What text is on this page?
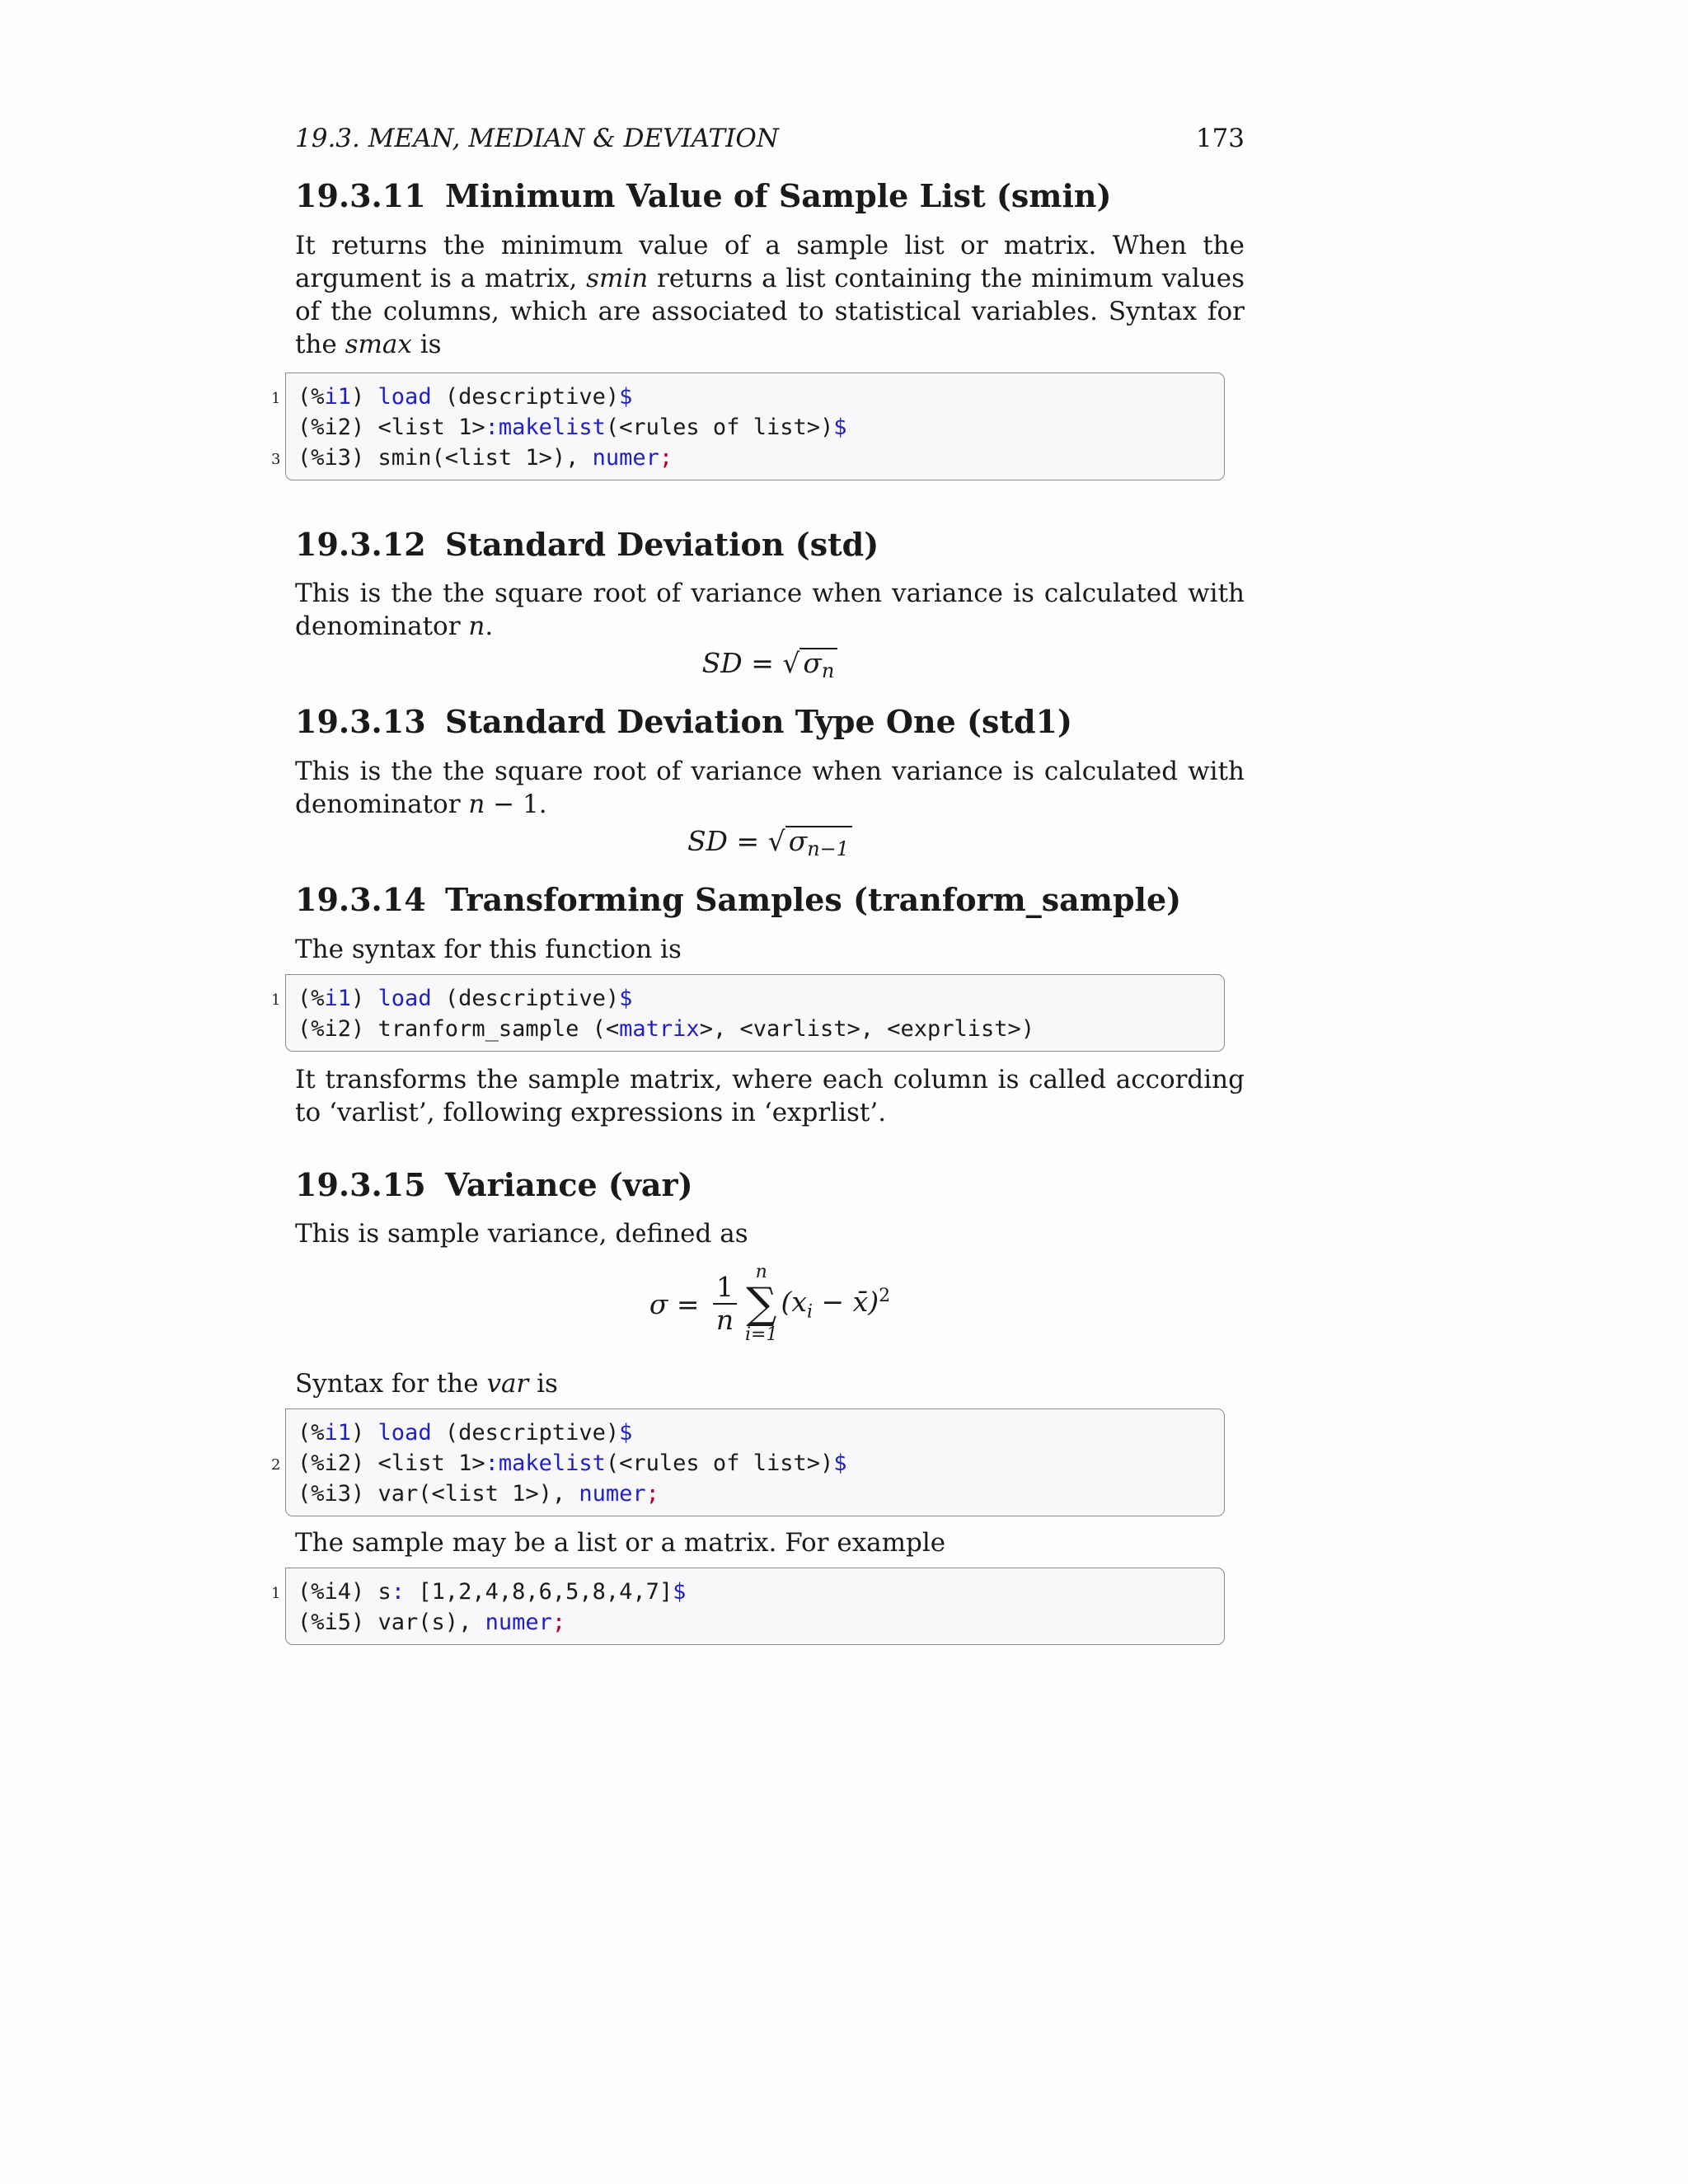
19.3. MEAN, MEDIAN & DEVIATION	173
19.3.11 Minimum Value of Sample List (smin)

It returns the minimum value of a sample list or matrix. When the argument is a matrix, smin returns a list containing the minimum values of the columns, which are associated to statistical variables. Syntax for the smax is

1 (%i1) load (descriptive)$
(%i2) <list 1>:makelist(<rules of list>)$
3 (%i3) smin(<list 1>), numer;
19.3.12 Standard Deviation (std)

This is the the square root of variance when variance is calculated with denominator n.

SD = √ $\sigma_n$
19.3.13 Standard Deviation Type One (std1)

This is the the square root of variance when variance is calculated with denominator n − 1.

SD = √ $\sigma_{n-1}$
19.3.14 Transforming Samples (tranform_sample)

The syntax for this function is

1 (%i1) load (descriptive)$
(%i2) tranform_sample (<matrix>, <varlist>, <exprlist>)

It transforms the sample matrix, where each column is called according to ‘varlist’, following expressions in ‘exprlist’.

19.3.15 Variance (var)

This is sample variance, defined as

$\sigma = \frac{1}{n}$ n
∑
i=1
($x_i$ − x̄)$^2$

Syntax for the var is

(%i1) load (descriptive)$
2 (%i2) <list 1>:makelist(<rules of list>)$
(%i3) var(<list 1>), numer;

The sample may be a list or a matrix. For example

1 (%i4) s: [1,2,4,8,6,5,8,4,7]$
(%i5) var(s), numer;
